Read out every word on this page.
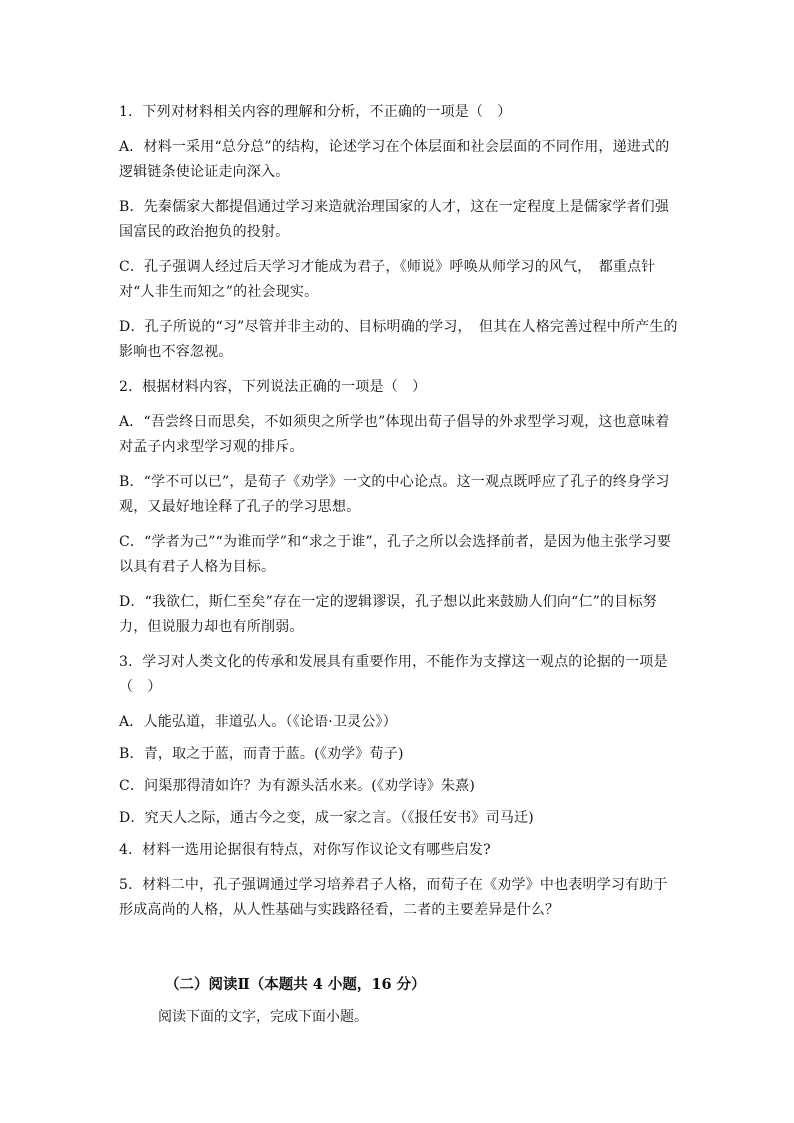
1．下列对材料相关内容的理解和分析，不正确的一项是（　）

A．材料一采用“总分总”的结构，论述学习在个体层面和社会层面的不同作用，递进式的逻辑链条使论证走向深入。

B．先秦儒家大都提倡通过学习来造就治理国家的人才，这在一定程度上是儒家学者们强国富民的政治抱负的投射。

C．孔子强调人经过后天学习才能成为君子，《师说》呼唤从师学习的风气，　都重点针对“人非生而知之”的社会现实。

D．孔子所说的“习”尽管并非主动的、目标明确的学习，　但其在人格完善过程中所产生的影响也不容忽视。

2．根据材料内容，下列说法正确的一项是（　）

A．“吾尝终日而思矣，不如须臾之所学也”体现出荀子倡导的外求型学习观，这也意味着对孟子内求型学习观的排斥。

B．“学不可以已”，是荀子《劝学》一文的中心论点。这一观点既呼应了孔子的终身学习观，又最好地诠释了孔子的学习思想。

C．“学者为己”“为谁而学”和“求之于谁”，孔子之所以会选择前者，是因为他主张学习要以具有君子人格为目标。

D．“我欲仁，斯仁至矣”存在一定的逻辑谬误，孔子想以此来鼓励人们向“仁”的目标努力，但说服力却也有所削弱。

3．学习对人类文化的传承和发展具有重要作用，不能作为支撑这一观点的论据的一项是（　）

A．人能弘道，非道弘人。（《论语·卫灵公》）

B．青，取之于蓝，而青于蓝。(《劝学》荀子)

C．问渠那得清如许？为有源头活水来。(《劝学诗》朱熹)

D．究天人之际，通古今之变，成一家之言。（《报任安书》司马迁)

4．材料一选用论据很有特点，对你写作议论文有哪些启发?

5．材料二中，孔子强调通过学习培养君子人格，而荀子在《劝学》中也表明学习有助于形成高尚的人格，从人性基础与实践路径看，二者的主要差异是什么？

（二）阅读Ⅱ（本题共 4 小题，16 分）
阅读下面的文字，完成下面小题。
